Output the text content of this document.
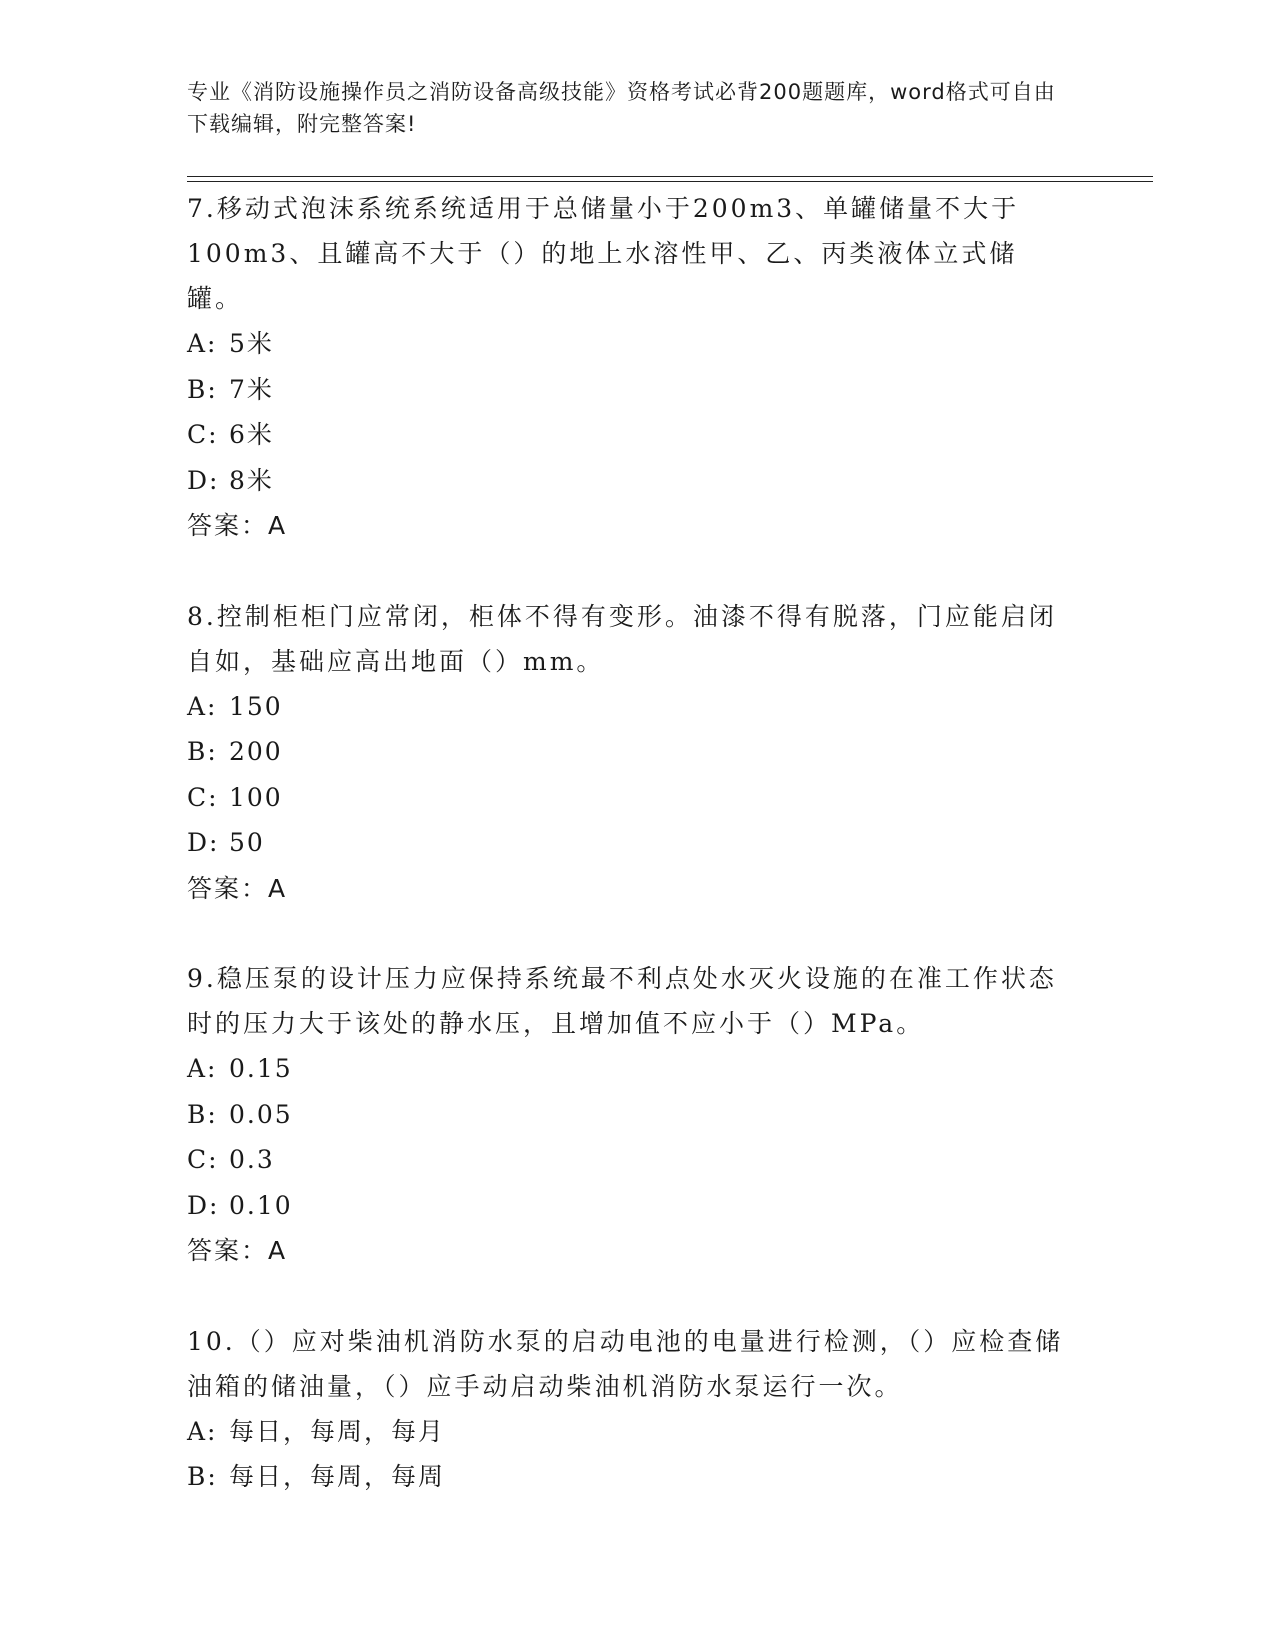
专业《消防设施操作员之消防设备高级技能》资格考试必背200题题库，word格式可自由下载编辑，附完整答案!
7.移动式泡沫系统系统适用于总储量小于200m3、单罐储量不大于100m3、且罐高不大于（）的地上水溶性甲、乙、丙类液体立式储罐。
A: 5米
B: 7米
C: 6米
D: 8米
答案：A
8.控制柜柜门应常闭，柜体不得有变形。油漆不得有脱落，门应能启闭自如，基础应高出地面（）mm。
A: 150
B: 200
C: 100
D: 50
答案：A
9.稳压泵的设计压力应保持系统最不利点处水灭火设施的在准工作状态时的压力大于该处的静水压，且增加值不应小于（）MPa。
A: 0.15
B: 0.05
C: 0.3
D: 0.10
答案：A
10.（）应对柴油机消防水泵的启动电池的电量进行检测，（）应检查储油箱的储油量，（）应手动启动柴油机消防水泵运行一次。
A: 每日，每周，每月
B: 每日，每周，每周
